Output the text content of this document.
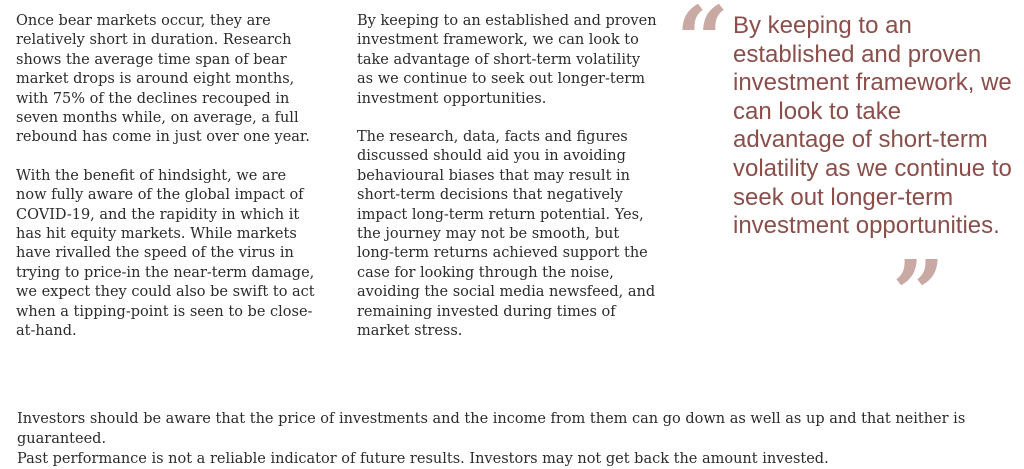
Once bear markets occur, they are relatively short in duration. Research shows the average time span of bear market drops is around eight months, with 75% of the declines recouped in seven months while, on average, a full rebound has come in just over one year.

With the benefit of hindsight, we are now fully aware of the global impact of COVID-19, and the rapidity in which it has hit equity markets. While markets have rivalled the speed of the virus in trying to price-in the near-term damage, we expect they could also be swift to act when a tipping-point is seen to be close-at-hand.

By keeping to an established and proven investment framework, we can look to take advantage of short-term volatility as we continue to seek out longer-term investment opportunities.

The research, data, facts and figures discussed should aid you in avoiding behavioural biases that may result in short-term decisions that negatively impact long-term return potential. Yes, the journey may not be smooth, but long-term returns achieved support the case for looking through the noise, avoiding the social media newsfeed, and remaining invested during times of market stress.

“ By keeping to an established and proven investment framework, we can look to take advantage of short-term volatility as we continue to seek out longer-term investment opportunities.
”

Investors should be aware that the price of investments and the income from them can go down as well as up and that neither is guaranteed.

Past performance is not a reliable indicator of future results. Investors may not get back the amount invested.
